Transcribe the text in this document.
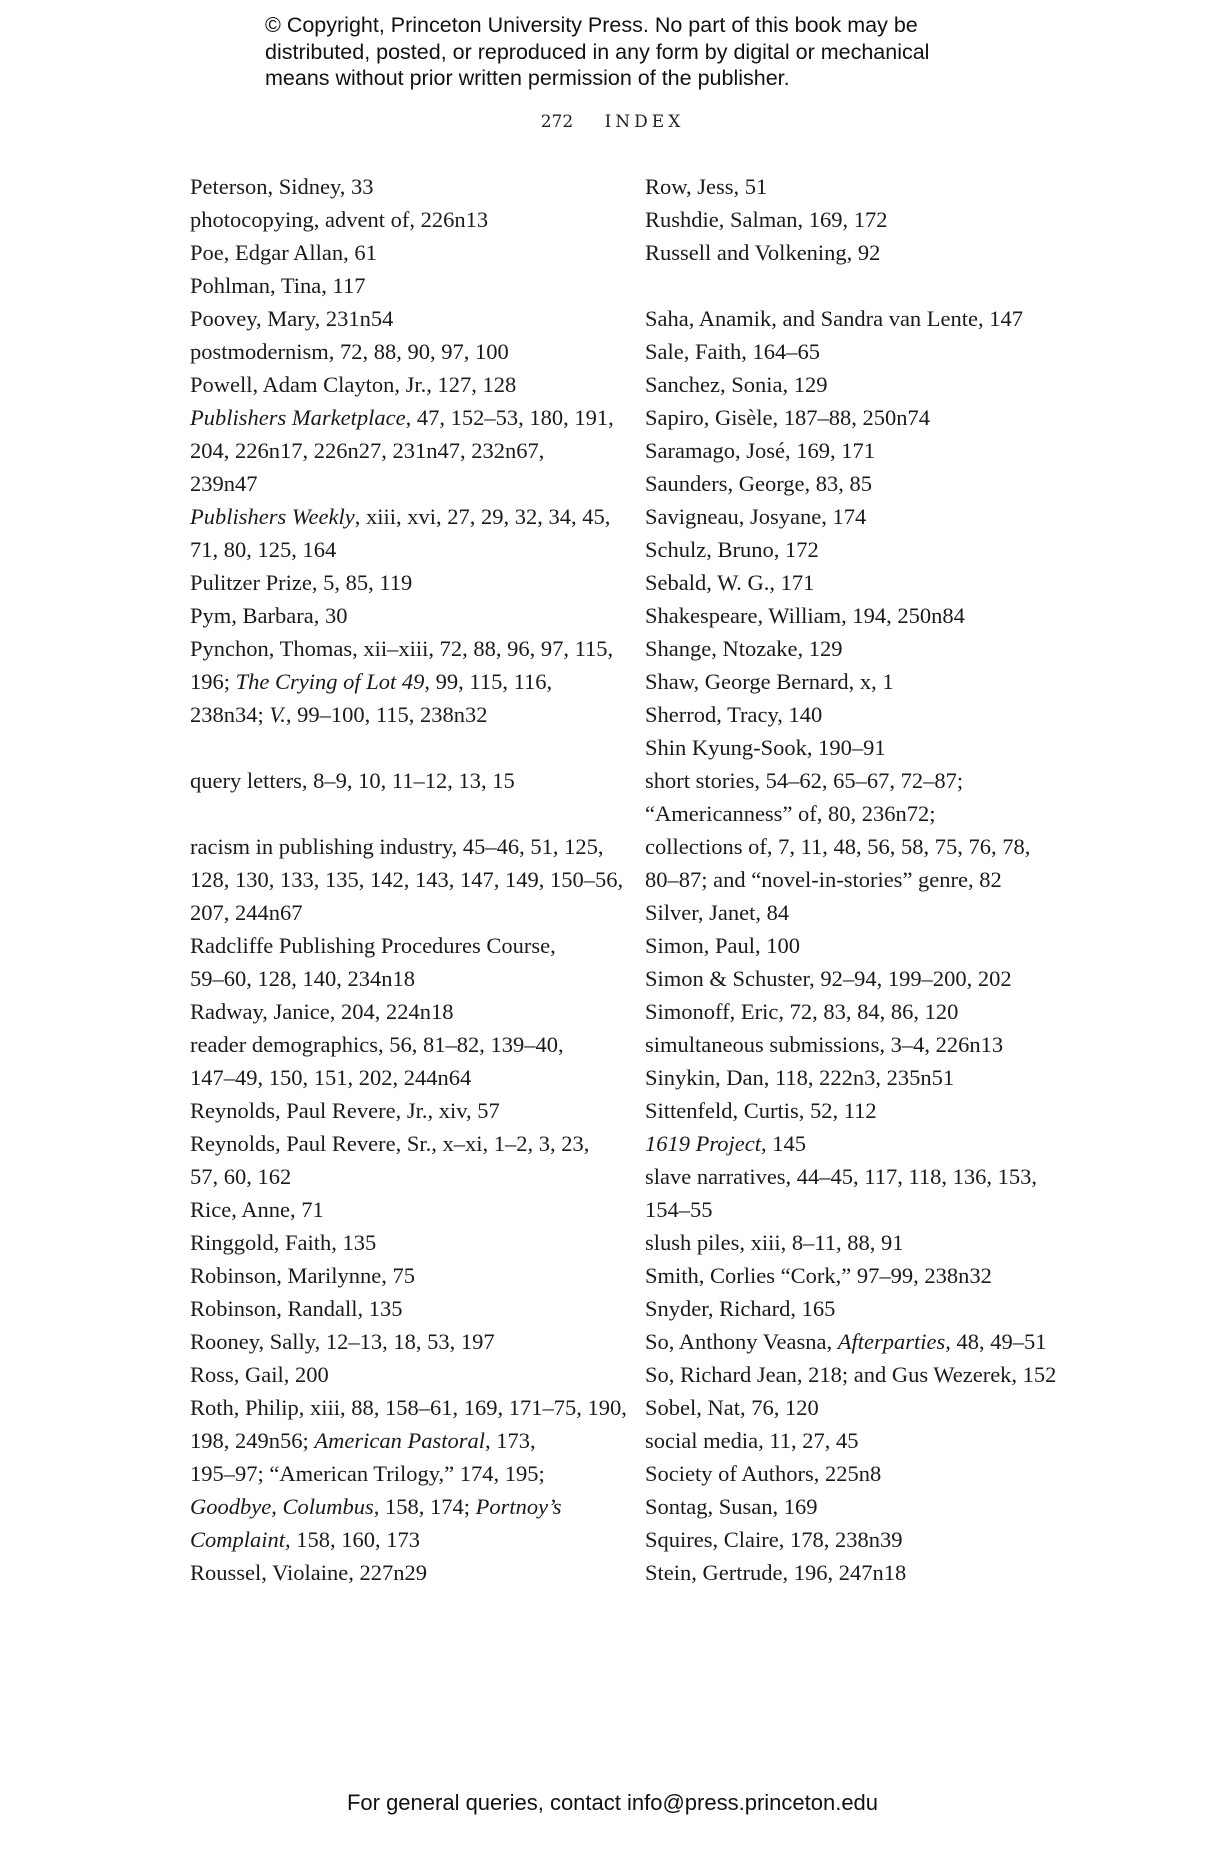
© Copyright, Princeton University Press. No part of this book may be
distributed, posted, or reproduced in any form by digital or mechanical
means without prior written permission of the publisher.
272 INDEX
Peterson, Sidney, 33
photocopying, advent of, 226n13
Poe, Edgar Allan, 61
Pohlman, Tina, 117
Poovey, Mary, 231n54
postmodernism, 72, 88, 90, 97, 100
Powell, Adam Clayton, Jr., 127, 128
Publishers Marketplace, 47, 152–53, 180, 191,
204, 226n17, 226n27, 231n47, 232n67,
239n47
Publishers Weekly, xiii, xvi, 27, 29, 32, 34, 45,
71, 80, 125, 164
Pulitzer Prize, 5, 85, 119
Pym, Barbara, 30
Pynchon, Thomas, xii–xiii, 72, 88, 96, 97, 115,
196; The Crying of Lot 49, 99, 115, 116,
238n34; V., 99–100, 115, 238n32
query letters, 8–9, 10, 11–12, 13, 15
racism in publishing industry, 45–46, 51, 125,
128, 130, 133, 135, 142, 143, 147, 149, 150–56,
207, 244n67
Radcliffe Publishing Procedures Course,
59–60, 128, 140, 234n18
Radway, Janice, 204, 224n18
reader demographics, 56, 81–82, 139–40,
147–49, 150, 151, 202, 244n64
Reynolds, Paul Revere, Jr., xiv, 57
Reynolds, Paul Revere, Sr., x–xi, 1–2, 3, 23,
57, 60, 162
Rice, Anne, 71
Ringgold, Faith, 135
Robinson, Marilynne, 75
Robinson, Randall, 135
Rooney, Sally, 12–13, 18, 53, 197
Ross, Gail, 200
Roth, Philip, xiii, 88, 158–61, 169, 171–75, 190,
198, 249n56; American Pastoral, 173,
195–97; “American Trilogy,” 174, 195;
Goodbye, Columbus, 158, 174; Portnoy’s
Complaint, 158, 160, 173
Roussel, Violaine, 227n29
Row, Jess, 51
Rushdie, Salman, 169, 172
Russell and Volkening, 92
Saha, Anamik, and Sandra van Lente, 147
Sale, Faith, 164–65
Sanchez, Sonia, 129
Sapiro, Gisèle, 187–88, 250n74
Saramago, José, 169, 171
Saunders, George, 83, 85
Savigneau, Josyane, 174
Schulz, Bruno, 172
Sebald, W. G., 171
Shakespeare, William, 194, 250n84
Shange, Ntozake, 129
Shaw, George Bernard, x, 1
Sherrod, Tracy, 140
Shin Kyung-Sook, 190–91
short stories, 54–62, 65–67, 72–87;
“Americanness” of, 80, 236n72;
collections of, 7, 11, 48, 56, 58, 75, 76, 78,
80–87; and “novel-in-stories” genre, 82
Silver, Janet, 84
Simon, Paul, 100
Simon & Schuster, 92–94, 199–200, 202
Simonoff, Eric, 72, 83, 84, 86, 120
simultaneous submissions, 3–4, 226n13
Sinykin, Dan, 118, 222n3, 235n51
Sittenfeld, Curtis, 52, 112
1619 Project, 145
slave narratives, 44–45, 117, 118, 136, 153,
154–55
slush piles, xiii, 8–11, 88, 91
Smith, Corlies “Cork,” 97–99, 238n32
Snyder, Richard, 165
So, Anthony Veasna, Afterparties, 48, 49–51
So, Richard Jean, 218; and Gus Wezerek, 152
Sobel, Nat, 76, 120
social media, 11, 27, 45
Society of Authors, 225n8
Sontag, Susan, 169
Squires, Claire, 178, 238n39
Stein, Gertrude, 196, 247n18
For general queries, contact info@press.princeton.edu
